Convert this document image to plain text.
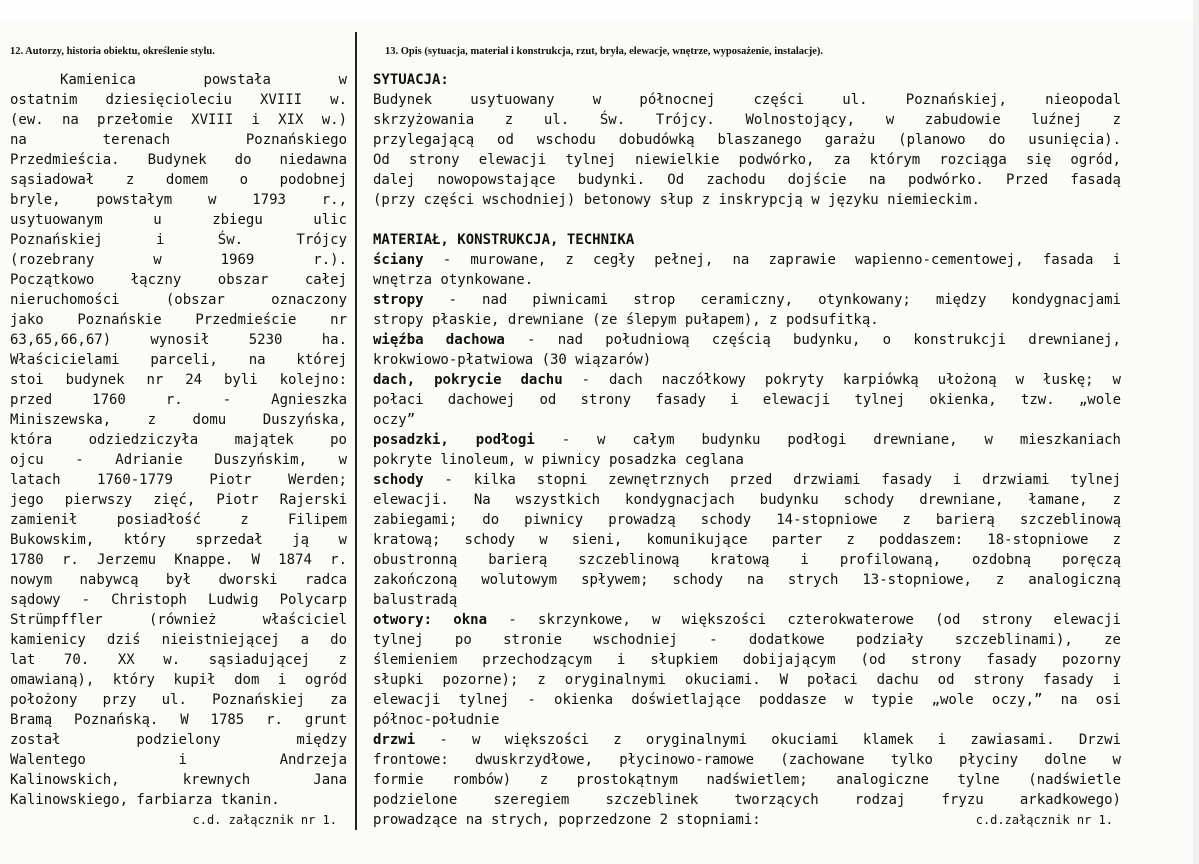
12. Autorzy, historia obiektu, określenie stylu.	13. Opis (sytuacja, materiał i konstrukcja, rzut, bryła, elewacje, wnętrze, wyposażenie, instalacje).
Kamienica powstała w
ostatnim dziesięcioleciu XVIII w.
(ew. na przełomie XVIII i XIX w.)
na terenach Poznańskiego
Przedmieścia. Budynek do niedawna
sąsiadował z domem o podobnej
bryle, powstałym w 1793 r.,
usytuowanym u zbiegu ulic
Poznańskiej i Św. Trójcy
(rozebrany w 1969 r.).
Początkowo łączny obszar całej
nieruchomości (obszar oznaczony
jako Poznańskie Przedmieście nr
63,65,66,67) wynosił 5230 ha.
Właścicielami parceli, na której
stoi budynek nr 24 byli kolejno:
przed 1760 r. - Agnieszka
Miniszewska, z domu Duszyńska,
która odziedziczyła majątek po
ojcu - Adrianie Duszyńskim, w
latach 1760-1779 Piotr Werden;
jego pierwszy zięć, Piotr Rajerski
zamienił posiadłość z Filipem
Bukowskim, który sprzedał ją w
1780 r. Jerzemu Knappe. W 1874 r.
nowym nabywcą był dworski radca
sądowy - Christoph Ludwig Polycarp
Strümpffler (również właściciel
kamienicy dziś nieistniejącej a do
lat 70. XX w. sąsiadującej z
omawianą), który kupił dom i ogród
położony przy ul. Poznańskiej za
Bramą Poznańską. W 1785 r. grunt
został podzielony między
Walentego i Andrzeja
Kalinowskich, krewnych Jana
Kalinowskiego, farbiarza tkanin.
c.d. załącznik nr 1.
SYTUACJA:
Budynek usytuowany w północnej części ul. Poznańskiej, nieopodal
skrzyżowania z ul. Św. Trójcy. Wolnostojący, w zabudowie luźnej z
przylegającą od wschodu dobudówką blaszanego garażu (planowo do usunięcia).
Od strony elewacji tylnej niewielkie podwórko, za którym rozciąga się ogród,
dalej nowopowstające budynki. Od zachodu dojście na podwórko. Przed fasadą
(przy części wschodniej) betonowy słup z inskrypcją w języku niemieckim.
MATERIAŁ, KONSTRUKCJA, TECHNIKA
ściany - murowane, z cegły pełnej, na zaprawie wapienno-cementowej, fasada i
wnętrza otynkowane.
stropy - nad piwnicami strop ceramiczny, otynkowany; między kondygnacjami
stropy płaskie, drewniane (ze ślepym pułapem), z podsufitką.
więźba dachowa - nad południową częścią budynku, o konstrukcji drewnianej,
krokwiowo-płatwiowa (30 wiązarów)
dach, pokrycie dachu - dach naczółkowy pokryty karpiówką ułożoną w łuskę; w
połaci dachowej od strony fasady i elewacji tylnej okienka, tzw. „wole
oczy”
posadzki, podłogi - w całym budynku podłogi drewniane, w mieszkaniach
pokryte linoleum, w piwnicy posadzka ceglana
schody - kilka stopni zewnętrznych przed drzwiami fasady i drzwiami tylnej
elewacji. Na wszystkich kondygnacjach budynku schody drewniane, łamane, z
zabiegami; do piwnicy prowadzą schody 14-stopniowe z barierą szczeblinową
kratową; schody w sieni, komunikujące parter z poddaszem: 18-stopniowe z
obustronną barierą szczeblinową kratową i profilowaną, ozdobną poręczą
zakończoną wolutowym spływem; schody na strych 13-stopniowe, z analogiczną
balustradą
otwory: okna - skrzynkowe, w większości czterokwaterowe (od strony elewacji
tylnej po stronie wschodniej - dodatkowe podziały szczeblinami), ze
ślemieniem przechodzącym i słupkiem dobijającym (od strony fasady pozorny
słupki pozorne); z oryginalnymi okuciami. W połaci dachu od strony fasady i
elewacji tylnej - okienka doświetlające poddasze w typie „wole oczy,” na osi
północ-południe
drzwi - w większości z oryginalnymi okuciami klamek i zawiasami. Drzwi
frontowe: dwuskrzydłowe, płycinowo-ramowe (zachowane tylko płyciny dolne w
formie rombów) z prostokątnym nadświetlem; analogiczne tylne (nadświetle
podzielone szeregiem szczeblinek tworzących rodzaj fryzu arkadkowego)
prowadzące na strych, poprzedzone 2 stopniami:	c.d.załącznik nr 1.
